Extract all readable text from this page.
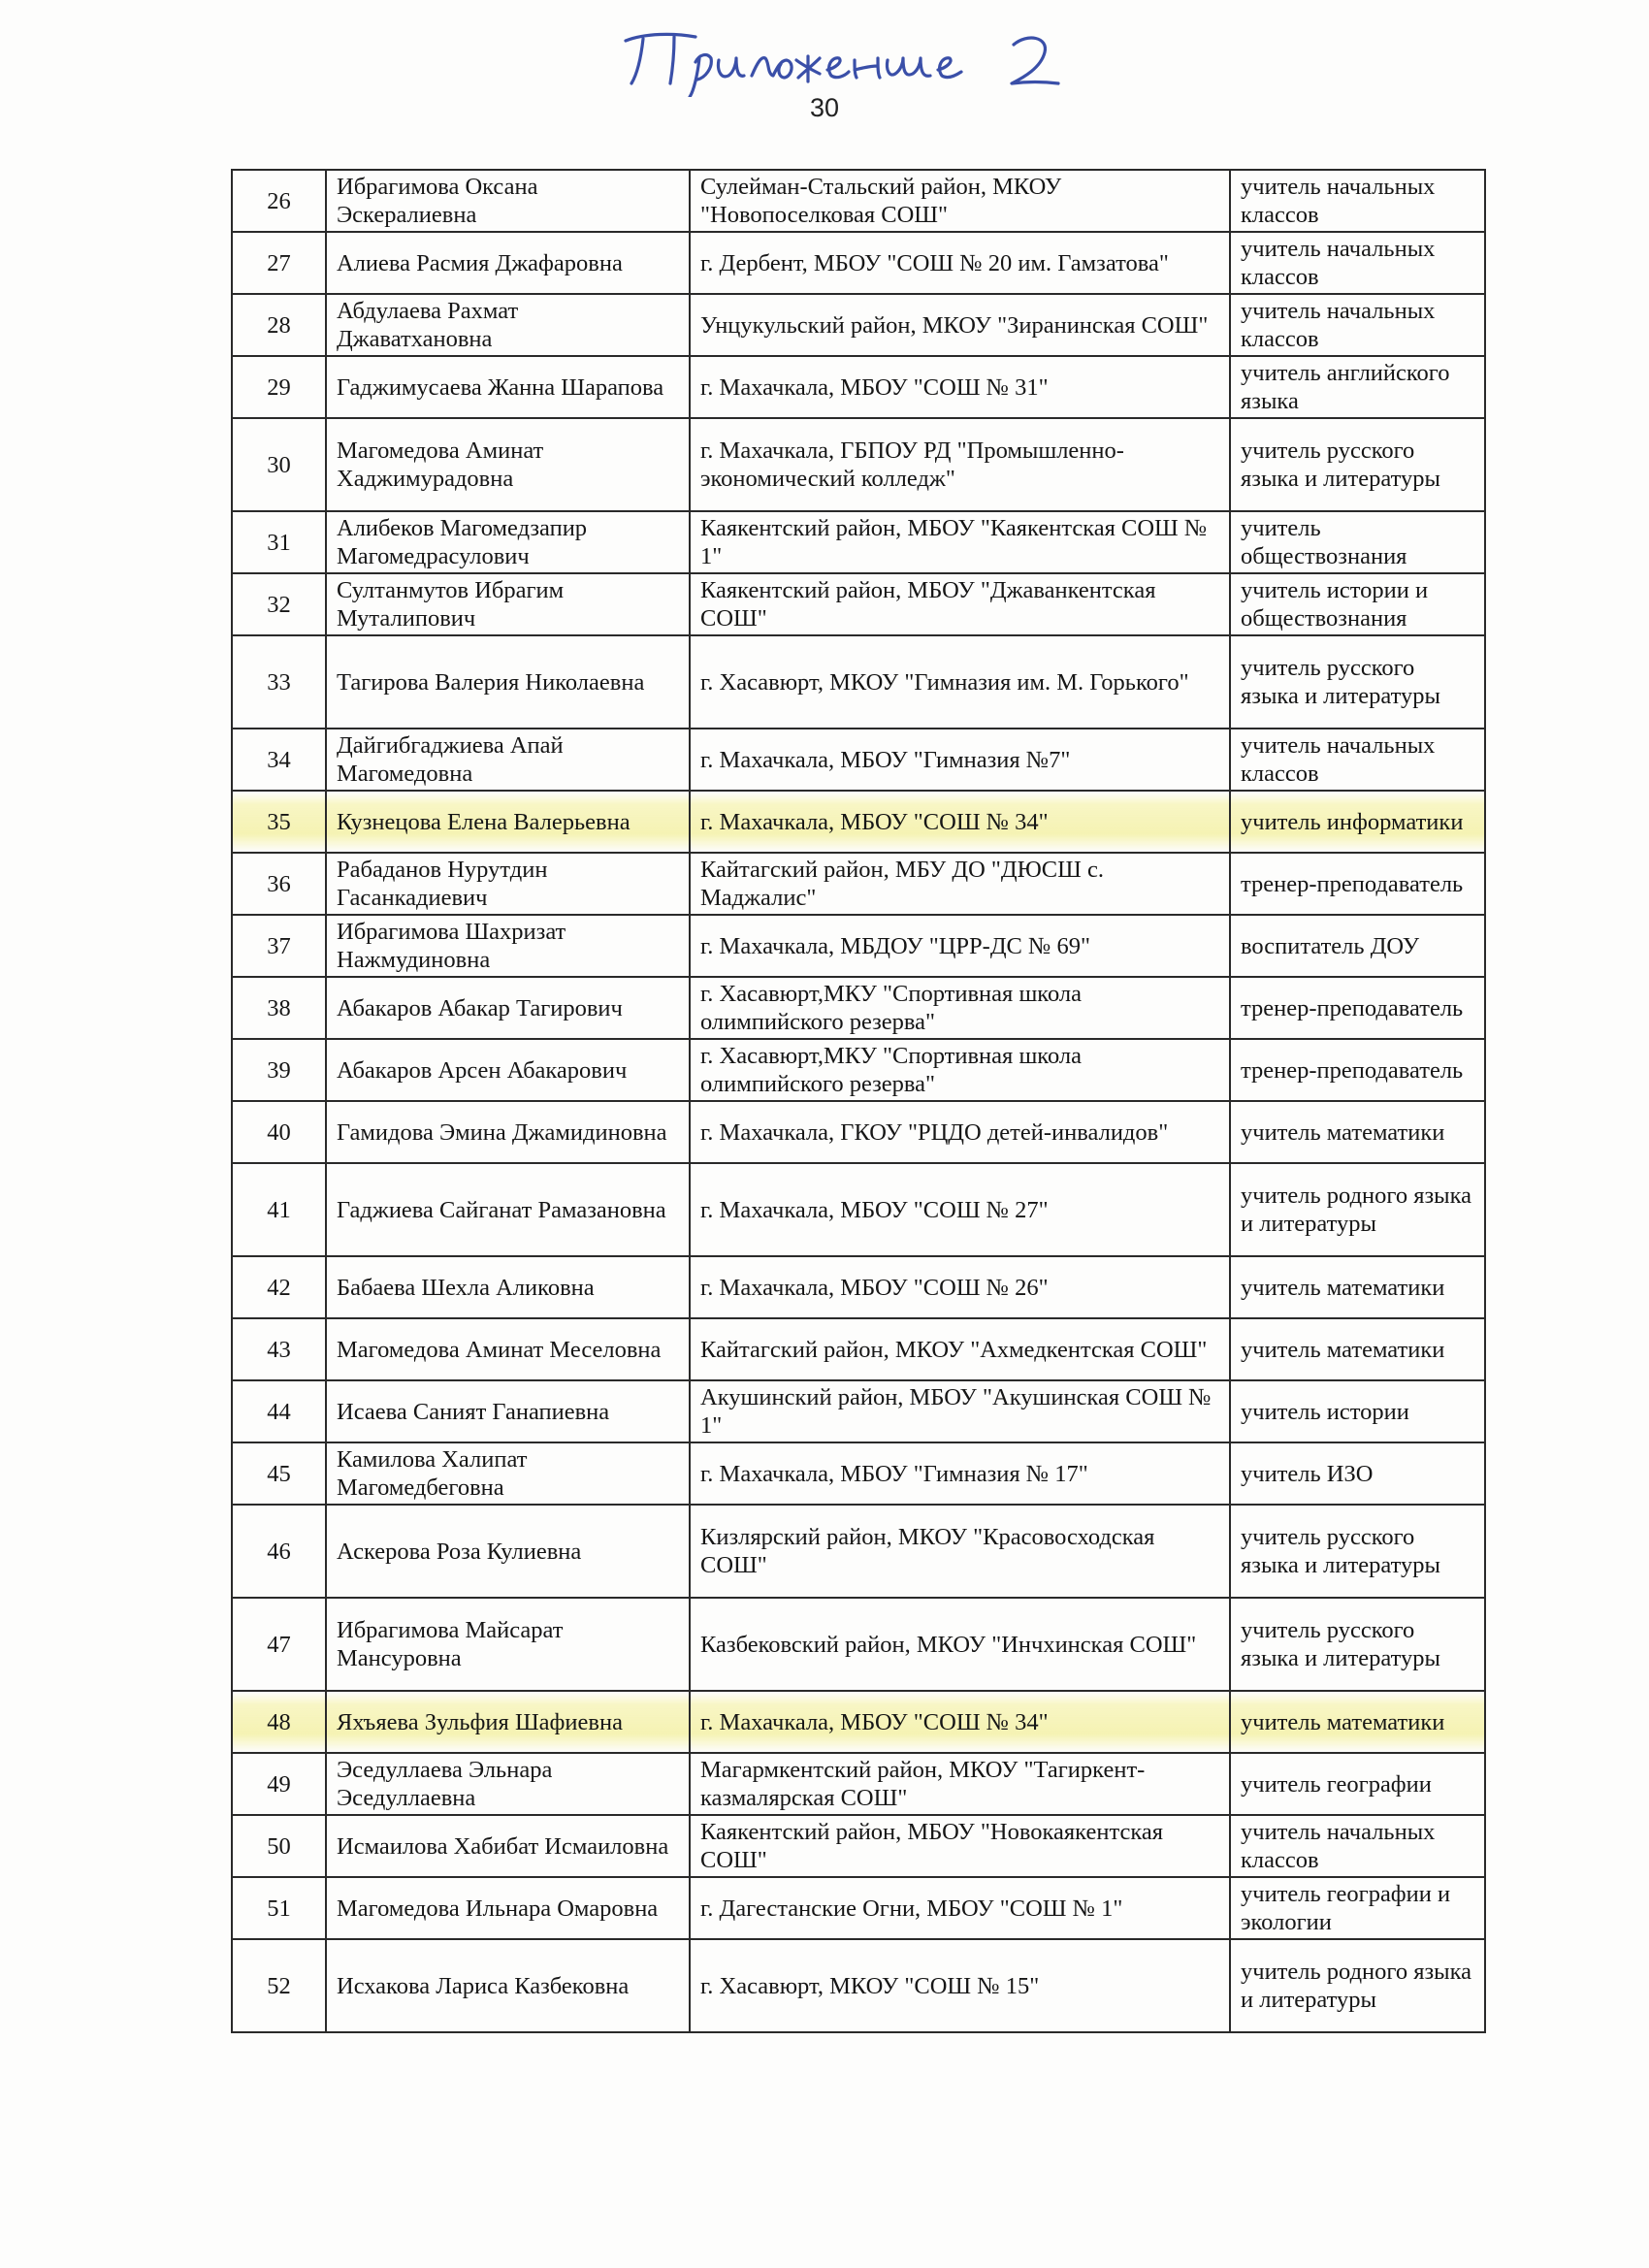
30
26	Ибрагимова Оксана Эскералиевна	Сулейман-Стальский район, МКОУ "Новопоселковая СОШ"	учитель начальных классов
27	Алиева Расмия Джафаровна	г. Дербент, МБОУ "СОШ № 20 им. Гамзатова"	учитель начальных классов
28	Абдулаева Рахмат Джаватхановна	Унцукульский район, МКОУ "Зиранинская СОШ"	учитель начальных классов
29	Гаджимусаева Жанна Шарапова	г. Махачкала, МБОУ "СОШ № 31"	учитель английского языка
30	Магомедова Аминат Хаджимурадовна	г. Махачкала, ГБПОУ РД "Промышленно-экономический колледж"	учитель русского языка и литературы
31	Алибеков Магомедзапир Магомедрасулович	Каякентский район, МБОУ "Каякентская СОШ № 1"	учитель обществознания
32	Султанмутов Ибрагим Муталипович	Каякентский район, МБОУ "Джаванкентская СОШ"	учитель истории и обществознания
33	Тагирова Валерия Николаевна	г. Хасавюрт, МКОУ "Гимназия им. М. Горького"	учитель русского языка и литературы
34	Дайгибгаджиева Апай Магомедовна	г. Махачкала, МБОУ "Гимназия №7"	учитель начальных классов
35	Кузнецова Елена Валерьевна	г. Махачкала, МБОУ "СОШ № 34"	учитель информатики
36	Рабаданов Нурутдин Гасанкадиевич	Кайтагский район, МБУ ДО "ДЮСШ с. Маджалис"	тренер-преподаватель
37	Ибрагимова Шахризат Нажмудиновна	г. Махачкала, МБДОУ "ЦРР-ДС № 69"	воспитатель ДОУ
38	Абакаров Абакар Тагирович	г. Хасавюрт,МКУ "Спортивная школа олимпийского резерва"	тренер-преподаватель
39	Абакаров Арсен Абакарович	г. Хасавюрт,МКУ "Спортивная школа олимпийского резерва"	тренер-преподаватель
40	Гамидова Эмина Джамидиновна	г. Махачкала, ГКОУ "РЦДО детей-инвалидов"	учитель математики
41	Гаджиева Сайганат Рамазановна	г. Махачкала, МБОУ "СОШ № 27"	учитель родного языка и литературы
42	Бабаева Шехла Аликовна	г. Махачкала, МБОУ "СОШ № 26"	учитель математики
43	Магомедова Аминат Меселовна	Кайтагский район, МКОУ "Ахмедкентская СОШ"	учитель математики
44	Исаева Саният Ганапиевна	Акушинский район, МБОУ "Акушинская СОШ № 1"	учитель истории
45	Камилова Халипат Магомедбеговна	г. Махачкала, МБОУ "Гимназия № 17"	учитель ИЗО
46	Аскерова Роза Кулиевна	Кизлярский район, МКОУ "Красовосходская СОШ"	учитель русского языка и литературы
47	Ибрагимова Майсарат Мансуровна	Казбековский район, МКОУ "Инчхинская СОШ"	учитель русского языка и литературы
48	Яхъяева Зульфия Шафиевна	г. Махачкала, МБОУ "СОШ № 34"	учитель математики
49	Эседуллаева Эльнара Эседуллаевна	Магармкентский район, МКОУ "Тагиркент-казмалярская СОШ"	учитель географии
50	Исмаилова Хабибат Исмаиловна	Каякентский район, МБОУ "Новокаякентская СОШ"	учитель начальных классов
51	Магомедова Ильнара Омаровна	г. Дагестанские Огни, МБОУ "СОШ № 1"	учитель географии и экологии
52	Исхакова Лариса Казбековна	г. Хасавюрт, МКОУ "СОШ № 15"	учитель родного языка и литературы
